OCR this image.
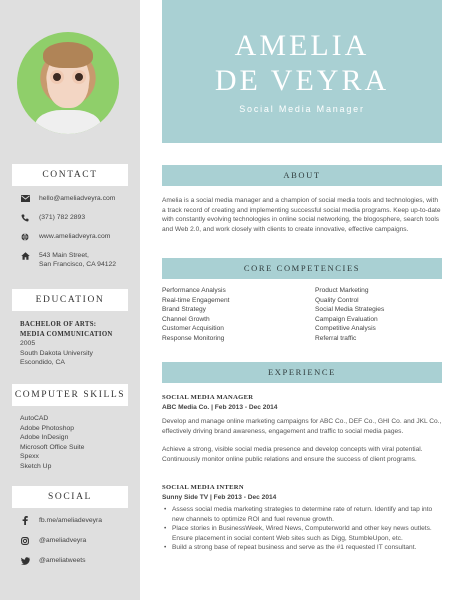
CONTACT
hello@ameliadveyra.com
(371) 782 2893
www.ameliadveyra.com
543 Main Street,
San Francisco, CA 94122
EDUCATION
BACHELOR OF ARTS:
MEDIA COMMUNICATION
2005
South Dakota University
Escondido, CA
COMPUTER SKILLS
AutoCAD
Adobe Photoshop
Adobe InDesign
Microsoft Office Suite
Spexx
Sketch Up
SOCIAL
fb.me/ameliadeveyra
@ameliadveyra
@ameliatweets
AMELIA
DE VEYRA
Social Media Manager
ABOUT
Amelia is a social media manager and a champion of social media tools and technologies, with a track record of creating and implementing successful social media programs. Keep up-to-date with constantly evolving technologies in online social networking, the blogosphere, search tools and Web 2.0, and work closely with clients to create innovative, effective campaigns.
CORE COMPETENCIES
Performance Analysis
Real-time Engagement
Brand Strategy
Channel Growth
Customer Acquisition
Response Monitoring
Product Marketing
Quality Control
Social Media Strategies
Campaign Evaluation
Competitive Analysis
Referral traffic
EXPERIENCE
SOCIAL MEDIA MANAGER
ABC Media Co. | Feb 2013 - Dec 2014
Develop and manage online marketing campaigns for ABC Co., DEF Co., GHI Co. and JKL Co., effectively driving brand awareness, engagement and traffic to social media pages.
Achieve a strong, visible social media presence and develop concepts with viral potential. Continuously monitor online public relations and ensure the success of client programs.
SOCIAL MEDIA INTERN
Sunny Side TV | Feb 2013 - Dec 2014
• Assess social media marketing strategies to determine rate of return. Identify and tap into new channels to optimize ROI and fuel revenue growth.
• Place stories in BusinessWeek, Wired News, Computerworld and other key news outlets. Ensure placement in social content Web sites such as Digg, StumbleUpon, etc.
• Build a strong base of repeat business and serve as the #1 requested IT consultant.
